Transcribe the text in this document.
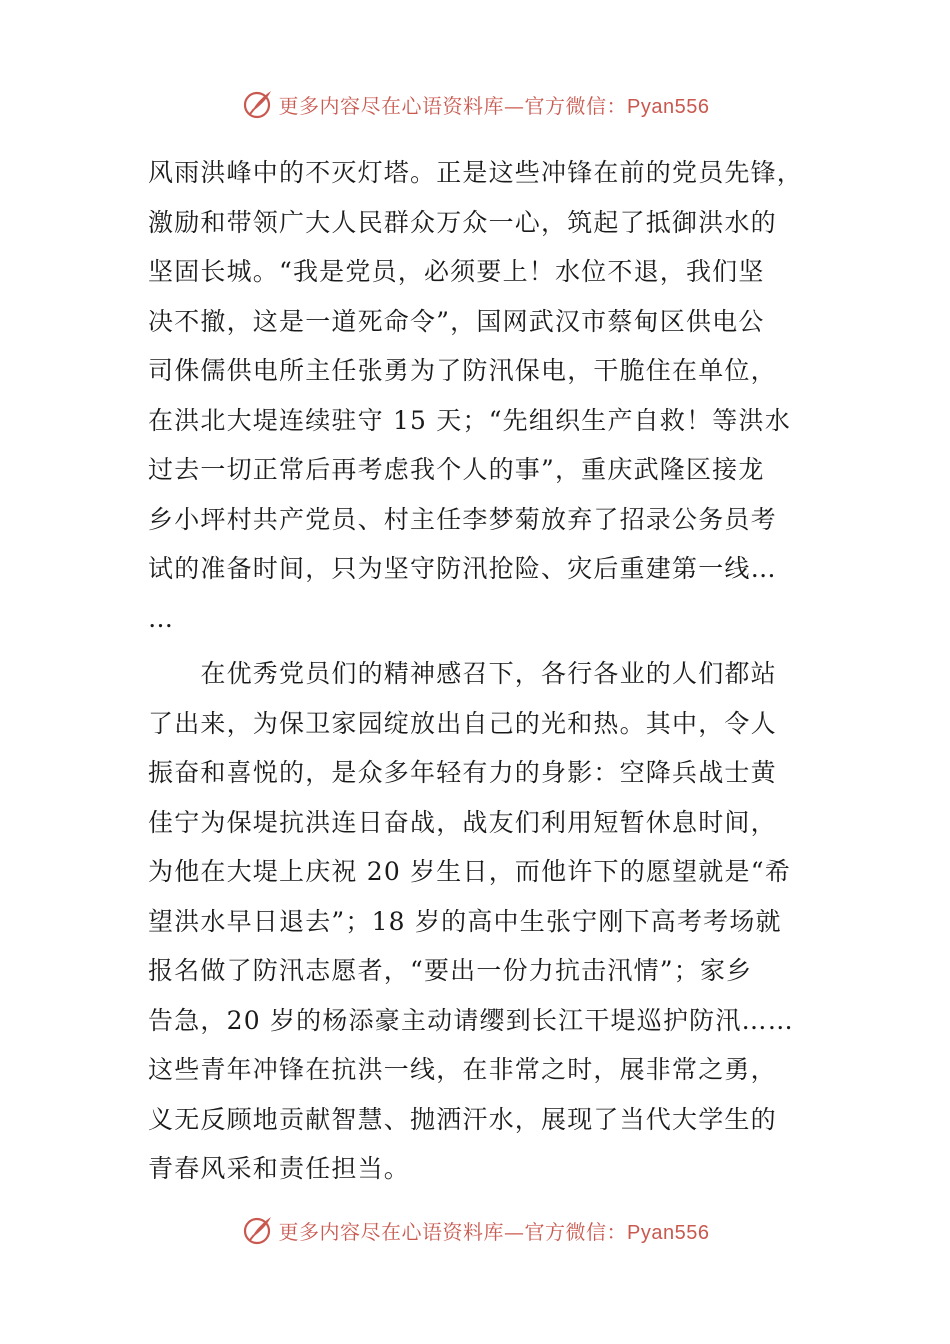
更多内容尽在心语资料库—官方微信：Pyan556
风雨洪峰中的不灭灯塔。正是这些冲锋在前的党员先锋，
激励和带领广大人民群众万众一心，筑起了抵御洪水的
坚固长城。“我是党员，必须要上！水位不退，我们坚
决不撤，这是一道死命令”，国网武汉市蔡甸区供电公
司侏儒供电所主任张勇为了防汛保电，干脆住在单位，
在洪北大堤连续驻守 15 天；“先组织生产自救！等洪水
过去一切正常后再考虑我个人的事”，重庆武隆区接龙
乡小坪村共产党员、村主任李梦菊放弃了招录公务员考
试的准备时间，只为坚守防汛抢险、灾后重建第一线…
…
　　在优秀党员们的精神感召下，各行各业的人们都站
了出来，为保卫家园绽放出自己的光和热。其中，令人
振奋和喜悦的，是众多年轻有力的身影：空降兵战士黄
佳宁为保堤抗洪连日奋战，战友们利用短暂休息时间，
为他在大堤上庆祝 20 岁生日，而他许下的愿望就是“希
望洪水早日退去”；18 岁的高中生张宁刚下高考考场就
报名做了防汛志愿者，“要出一份力抗击汛情”；家乡
告急，20 岁的杨添豪主动请缨到长江干堤巡护防汛……
这些青年冲锋在抗洪一线，在非常之时，展非常之勇，
义无反顾地贡献智慧、抛洒汗水，展现了当代大学生的
青春风采和责任担当。
更多内容尽在心语资料库—官方微信：Pyan556
